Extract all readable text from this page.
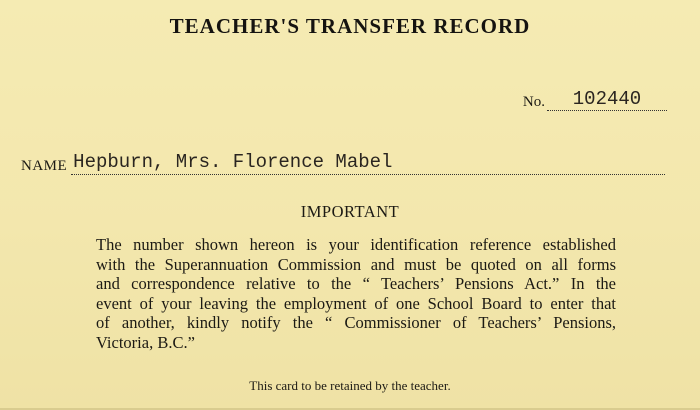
TEACHER'S TRANSFER RECORD
No. 102440
NAME Hepburn, Mrs. Florence Mabel
IMPORTANT
The number shown hereon is your identification reference established
with the Superannuation Commission and must be quoted on all forms
and correspondence relative to the “ Teachers’ Pensions Act.” In the
event of your leaving the employment of one School Board to enter that
of another, kindly notify the “ Commissioner of Teachers’ Pensions,
Victoria, B.C.”
This card to be retained by the teacher.
